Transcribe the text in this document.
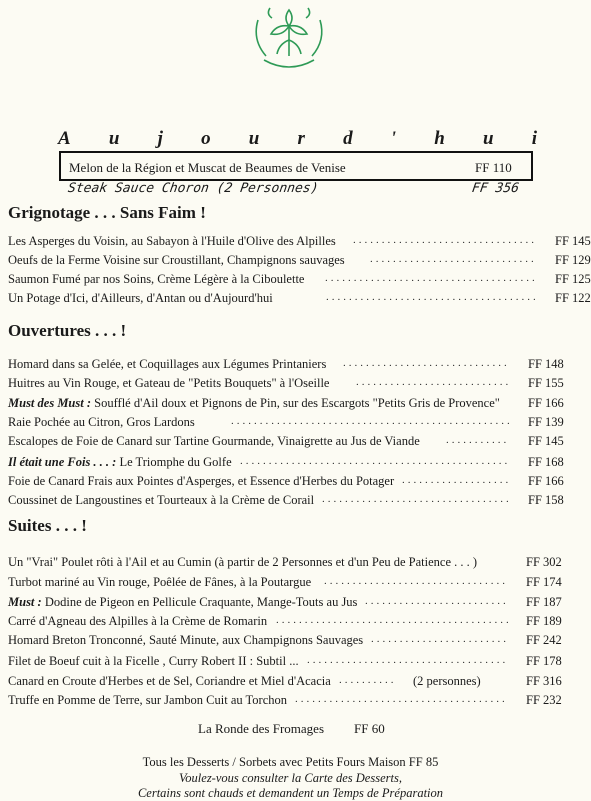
A u j o u r d ' h u i
Melon de la Région et Muscat de Beaumes de Venise	FF 110
Steak Sauce Choron (2 Personnes)	FF 356
Grignotage . . . Sans Faim !
Ouvertures . . . !
Suites . . . !
Les Asperges du Voisin, au Sabayon à l'Huile d'Olive des Alpilles ................................ FF 145
Oeufs de la Ferme Voisine sur Croustillant, Champignons sauvages ............................. FF 129
Saumon Fumé par nos Soins, Crème Légère à la Ciboulette ..................................... FF 125
Un Potage d'Ici, d'Ailleurs, d'Antan ou d'Aujourd'hui	..................................... FF 122
Homard dans sa Gelée, et Coquillages aux Légumes Printaniers ............................. FF 148
Huitres au Vin Rouge, et Gateau de "Petits Bouquets" à l'Oseille ........................... FF 155
Must des Must : Soufflé d'Ail doux et Pignons de Pin, sur des Escargots "Petits Gris de Provence" FF 166
Raie Pochée au Citron, Gros Lardons	................................................. FF 139
Escalopes de Foie de Canard sur Tartine Gourmande, Vinaigrette au Jus de Viande ........... FF 145
Il était une Fois . . . : Le Triomphe du Golfe ............................................... FF 168
Foie de Canard Frais aux Pointes d'Asperges, et Essence d'Herbes du Potager ................... FF 166
Coussinet de Langoustines et Tourteaux à la Crème de Corail ................................. FF 158
Un "Vrai" Poulet rôti à l'Ail et au Cumin (à partir de 2 Personnes et d'un Peu de Patience . . . )	FF 302
Turbot mariné au Vin rouge, Poêlée de Fânes, à la Poutargue ................................ FF 174
Must : Dodine de Pigeon en Pellicule Craquante, Mange-Touts au Jus ......................... FF 187
Carré d'Agneau des Alpilles à la Crème de Romarin ......................................... FF 189
Homard Breton Tronconné, Sauté Minute, aux Champignons Sauvages ........................ FF 242
Filet de Boeuf cuit à la Ficelle , Curry Robert II : Subtil ... ................................... FF 178
Canard en Croute d'Herbes et de Sel, Coriandre et Miel d'Acacia .......... (2 personnes)	FF 316
Truffe en Pomme de Terre, sur Jambon Cuit au Torchon ..................................... FF 232
La Ronde des Fromages FF 60
Tous les Desserts / Sorbets avec Petits Fours Maison FF 85
Voulez-vous consulter la Carte des Desserts,
Certains sont chauds et demandent un Temps de Préparation
